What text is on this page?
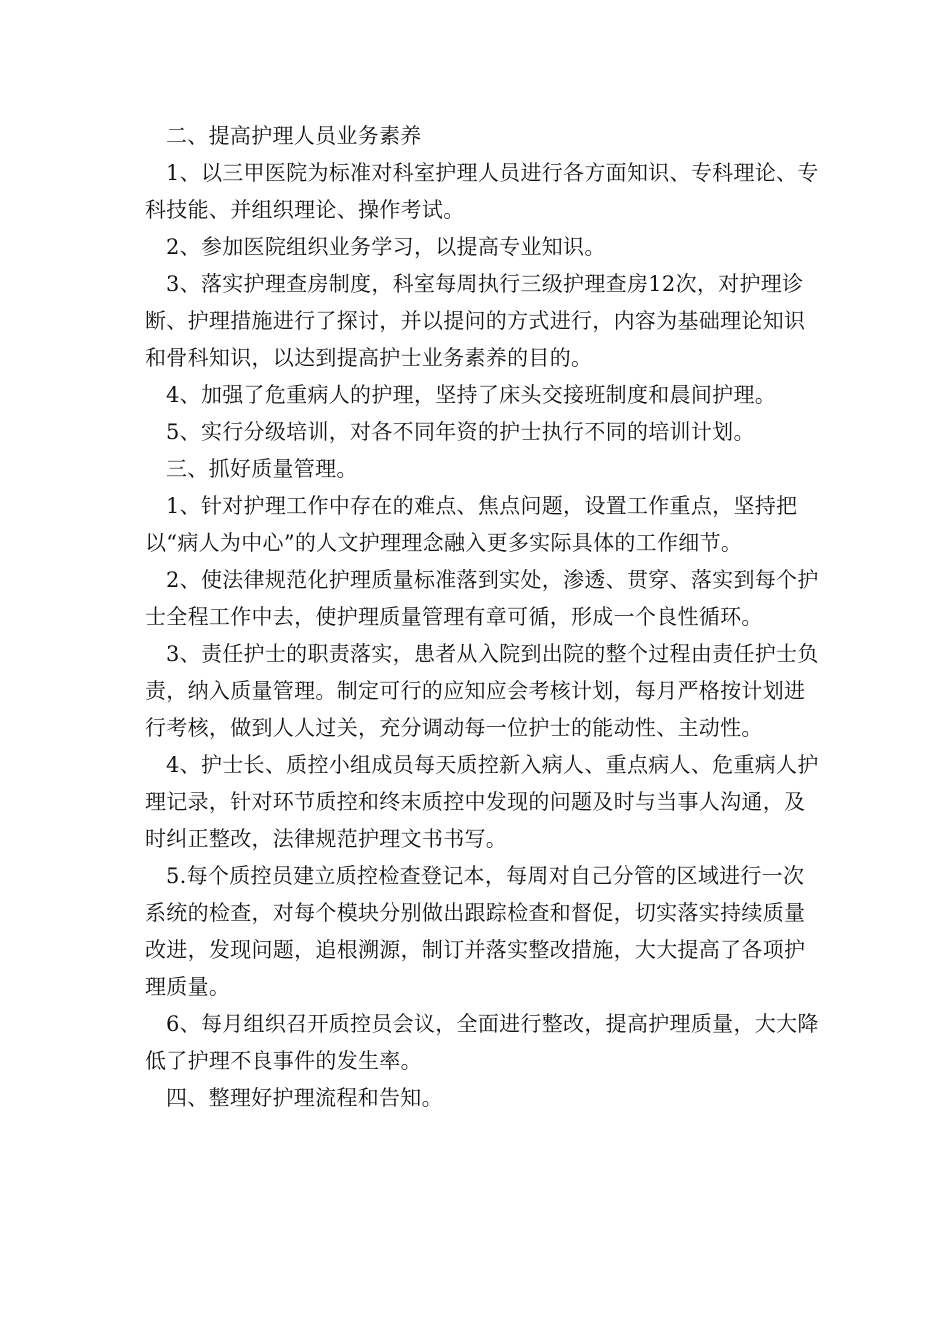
二、提高护理人员业务素养

1、以三甲医院为标准对科室护理人员进行各方面知识、专科理论、专科技能、并组织理论、操作考试。

2、参加医院组织业务学习，以提高专业知识。

3、落实护理查房制度，科室每周执行三级护理查房12次，对护理诊断、护理措施进行了探讨，并以提问的方式进行，内容为基础理论知识和骨科知识，以达到提高护士业务素养的目的。

4、加强了危重病人的护理，坚持了床头交接班制度和晨间护理。

5、实行分级培训，对各不同年资的护士执行不同的培训计划。

三、抓好质量管理。

1、针对护理工作中存在的难点、焦点问题，设置工作重点，坚持把以“病人为中心”的人文护理理念融入更多实际具体的工作细节。

2、使法律规范化护理质量标准落到实处，渗透、贯穿、落实到每个护士全程工作中去，使护理质量管理有章可循，形成一个良性循环。

3、责任护士的职责落实，患者从入院到出院的整个过程由责任护士负责，纳入质量管理。制定可行的应知应会考核计划，每月严格按计划进行考核，做到人人过关，充分调动每一位护士的能动性、主动性。

4、护士长、质控小组成员每天质控新入病人、重点病人、危重病人护理记录，针对环节质控和终末质控中发现的问题及时与当事人沟通，及时纠正整改，法律规范护理文书书写。

5.每个质控员建立质控检查登记本，每周对自己分管的区域进行一次系统的检查，对每个模块分别做出跟踪检查和督促，切实落实持续质量改进，发现问题，追根溯源，制订并落实整改措施，大大提高了各项护理质量。

6、每月组织召开质控员会议，全面进行整改，提高护理质量，大大降低了护理不良事件的发生率。

四、整理好护理流程和告知。
